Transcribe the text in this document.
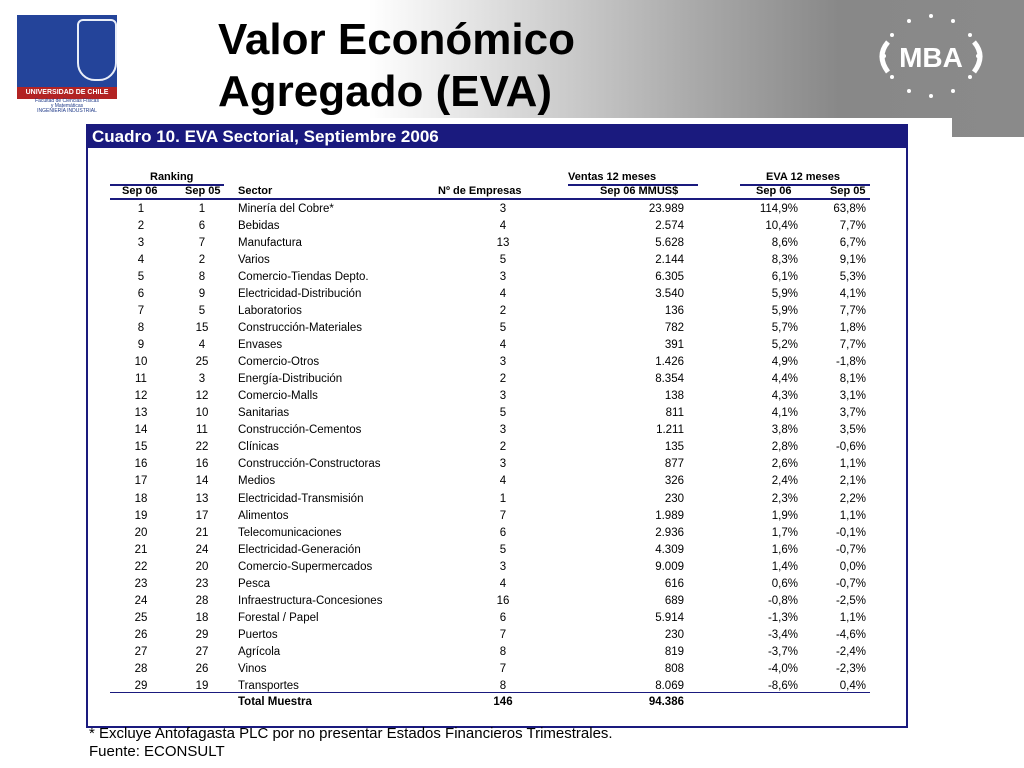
UNIVERSIDAD DE CHILE
Facultad de Ciencias Físicas
y Matemáticas
INGENIERÍA INDUSTRIAL
Valor Económico
Agregado (EVA)
MBA
Cuadro 10. EVA Sectorial, Septiembre 2006
Ranking	Ventas 12 meses	EVA 12 meses
Sep 06	Sep 05 Sector	Nº de Empresas	Sep 06 MMUS$	Sep 06	Sep 05
1	1	Minería del Cobre*	3	23.989	114,9%	63,8%
2	6	Bebidas	4	2.574	10,4%	7,7%
3	7	Manufactura	13	5.628	8,6%	6,7%
4	2	Varios	5	2.144	8,3%	9,1%
5	8	Comercio-Tiendas Depto.	3	6.305	6,1%	5,3%
6	9	Electricidad-Distribución	4	3.540	5,9%	4,1%
7	5	Laboratorios	2	136	5,9%	7,7%
8	15	Construcción-Materiales	5	782	5,7%	1,8%
9	4	Envases	4	391	5,2%	7,7%
10	25	Comercio-Otros	3	1.426	4,9%	-1,8%
11	3	Energía-Distribución	2	8.354	4,4%	8,1%
12	12	Comercio-Malls	3	138	4,3%	3,1%
13	10	Sanitarias	5	811	4,1%	3,7%
14	11	Construcción-Cementos	3	1.211	3,8%	3,5%
15	22	Clínicas	2	135	2,8%	-0,6%
16	16	Construcción-Constructoras	3	877	2,6%	1,1%
17	14	Medios	4	326	2,4%	2,1%
18	13	Electricidad-Transmisión	1	230	2,3%	2,2%
19	17	Alimentos	7	1.989	1,9%	1,1%
20	21	Telecomunicaciones	6	2.936	1,7%	-0,1%
21	24	Electricidad-Generación	5	4.309	1,6%	-0,7%
22	20	Comercio-Supermercados	3	9.009	1,4%	0,0%
23	23	Pesca	4	616	0,6%	-0,7%
24	28	Infraestructura-Concesiones	16	689	-0,8%	-2,5%
25	18	Forestal / Papel	6	5.914	-1,3%	1,1%
26	29	Puertos	7	230	-3,4%	-4,6%
27	27	Agrícola	8	819	-3,7%	-2,4%
28	26	Vinos	7	808	-4,0%	-2,3%
29	19	Transportes	8	8.069	-8,6%	0,4%
Total Muestra	146	94.386
* Excluye Antofagasta PLC por no presentar Estados Financieros Trimestrales.
Fuente: ECONSULT
